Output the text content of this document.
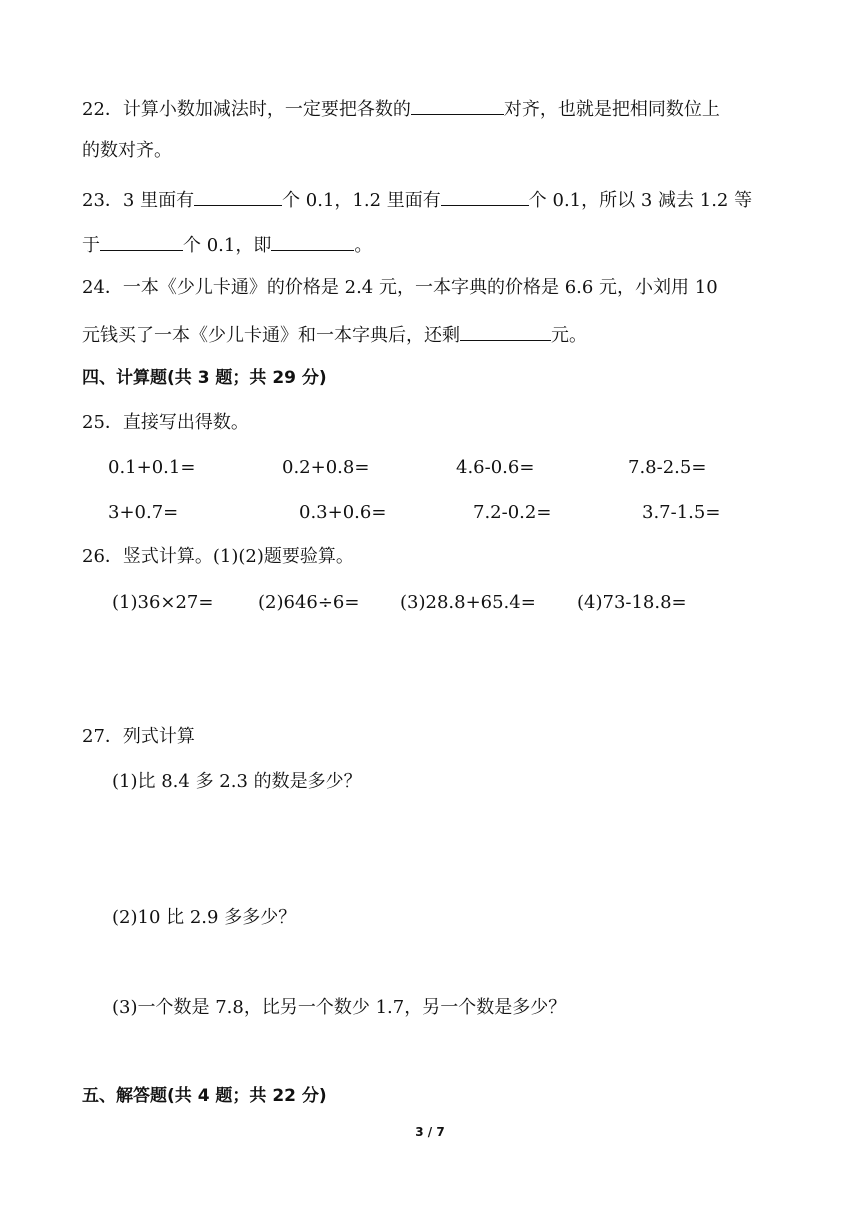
22．计算小数加减法时，一定要把各数的	对齐，也就是把相同数位上
的数对齐。
23．3 里面有	个 0.1，1.2 里面有	个 0.1，所以 3 减去 1.2 等
于	个 0.1，即	。
24．一本《少儿卡通》的价格是 2.4 元，一本字典的价格是 6.6 元，小刘用 10
元钱买了一本《少儿卡通》和一本字典后，还剩	元。
四、计算题(共 3 题；共 29 分)
25．直接写出得数。
0.1+0.1=	0.2+0.8=	4.6-0.6=	7.8-2.5=
3+0.7=	0.3+0.6=	7.2-0.2=	3.7-1.5=
26．竖式计算。(1)(2)题要验算。
(1)36×27= (2)646÷6= (3)28.8+65.4= (4)73-18.8=
27．列式计算
(1)比 8.4 多 2.3 的数是多少？
(2)10 比 2.9 多多少？
(3)一个数是 7.8，比另一个数少 1.7，另一个数是多少？
五、解答题(共 4 题；共 22 分)
3 / 7
